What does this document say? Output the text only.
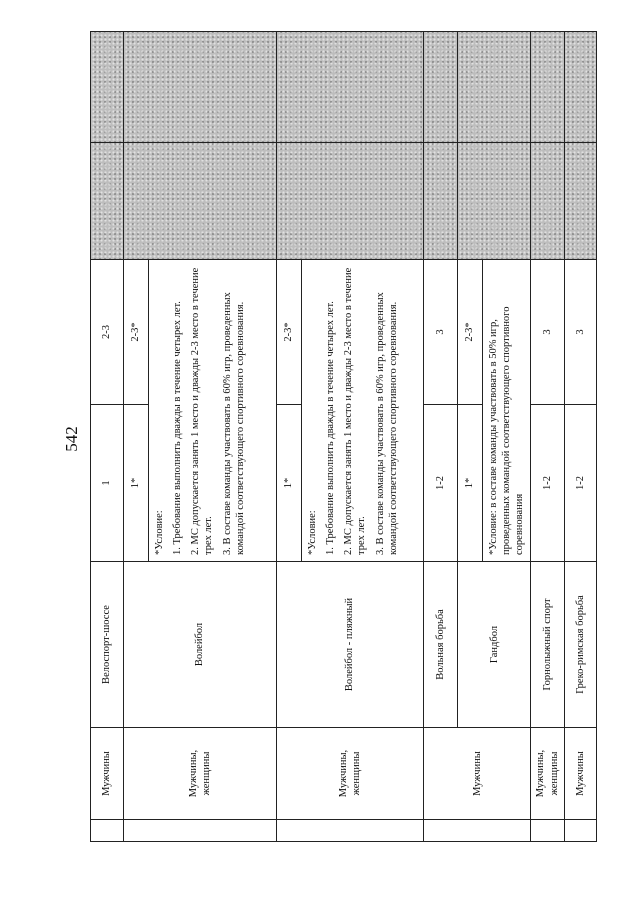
542
	Мужчины	Велоспорт-шоссе	1	2-3		
	Мужчины, женщины	Волейбол	1*	2-3*		

			*Условие: 1. Требование выполнить дважды в течение четырех лет. 2. МС допускается занять 1 место и дважды 2-3 место в течение трех лет. 3. В составе команды участвовать в 60% игр, проведенных командой соответствующего спортивного соревнования.			

	Мужчины, женщины	Волейбол - пляжный	1*	2-3*		

			*Условие: 1. Требование выполнить дважды в течение четырех лет. 2. МС допускается занять 1 место и дважды 2-3 место в течение трех лет. 3. В составе команды участвовать в 60% игр, проведенных командой соответствующего спортивного соревнования.			

	Мужчины	Вольная борьба	1-2	3		
		Гандбол	1*	2-3*		
			*Условие: в составе команды участвовать в 50% игр, проведенных командой соответствующего спортивного соревнования			
	Мужчины, женщины	Горнолыжный спорт	1-2	3		
	Мужчины	Греко-римская борьба	1-2	3		
